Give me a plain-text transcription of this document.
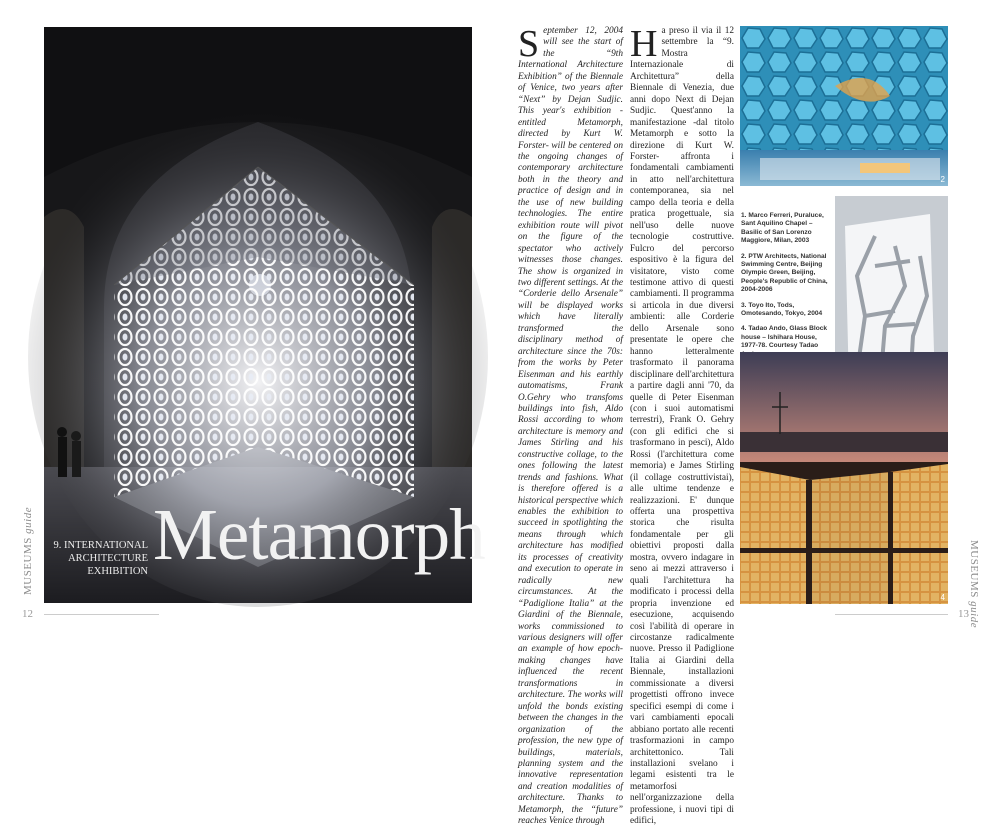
MUSEUMS guide
12
9. INTERNATIONAL
ARCHITECTURE
EXHIBITION Metamorph
September 12, 2004 will see the start of the “9th International Architecture Exhibition” of the Biennale of Venice, two years after “Next” by Dejan Sudjic. This year's exhibition -entitled Metamorph, directed by Kurt W. Forster- will be centered on the ongoing changes of contemporary architecture both in the theory and practice of design and in the use of new building technologies. The entire exhibition route will pivot on the figure of the spectator who actively witnesses those changes. The show is organized in two different settings. At the “Corderie dello Arsenale” will be displayed works which have literally transformed the disciplinary method of architecture since the 70s: from the works by Peter Eisenman and his earthly automatisms, Frank O.Gehry who transfoms buildings into fish, Aldo Rossi according to whom architecture is memory and James Stirling and his constructive collage, to the ones following the latest trends and fashions. What is therefore offered is a historical perspective which enables the exhibition to succeed in spotlighting the means through which architecture has modified its processes of creativity and execution to operate in radically new circumstances. At the “Padiglione Italia” at the Giardini of the Biennale, works commissioned to various designers will offer an example of how epoch-making changes have influenced the recent transformations in architecture. The works will unfold the bonds existing between the changes in the organization of the profession, the new type of buildings, materials, planning system and the innovative representation and creation modalities of architecture. Thanks to Metamorph, the “future” reaches Venice through
Ha preso il via il 12 settembre la “9. Mostra Internazionale di Architettura” della Biennale di Venezia, due anni dopo Next di Dejan Sudjic. Quest'anno la manifestazione -dal titolo Metamorph e sotto la direzione di Kurt W. Forster- affronta i fondamentali cambiamenti in atto nell'architettura contemporanea, sia nel campo della teoria e della pratica progettuale, sia nell'uso delle nuove tecnologie costruttive. Fulcro del percorso espositivo è la figura del visitatore, visto come testimone attivo di questi cambiamenti. Il programma si articola in due diversi ambienti: alle Corderie dello Arsenale sono presentate le opere che hanno letteralmente trasformato il panorama disciplinare dell'architettura a partire dagli anni '70, da quelle di Peter Eisenman (con i suoi automatismi terrestri), Frank O. Gehry (con gli edifici che si trasformano in pesci), Aldo Rossi (l'architettura come memoria) e James Stirling (il collage costruttivistai), alle ultime tendenze e realizzazioni. E' dunque offerta una prospettiva storica che risulta fondamentale per gli obiettivi proposti dalla mostra, ovvero indagare in seno ai mezzi attraverso i quali l'architettura ha modificato i processi della propria invenzione ed esecuzione, acquisendo così l'abilità di operare in circostanze radicalmente nuove. Presso il Padiglione Italia ai Giardini della Biennale, installazioni commissionate a diversi progettisti offrono invece specifici esempi di come i vari cambiamenti epocali abbiano portato alle recenti trasformazioni in campo architettonico. Tali installazioni svelano i legami esistenti tra le metamorfosi nell'organizzazione della professione, i nuovi tipi di edifici,
2

1. Marco Ferreri, Puraluce, Sant Aquilino Chapel – Basilic of San Lorenzo Maggiore, Milan, 2003

2. PTW Architects, National Swimming Centre, Beijing Olympic Green, Beijing, People's Republic of China, 2004-2006

3. Toyo Ito, Tods, Omotesando, Tokyo, 2004

4. Tadao Ando, Glass Block house – Ishihara House, 1977-78. Courtesy Tadao

4 MUSEUMS guide
13
